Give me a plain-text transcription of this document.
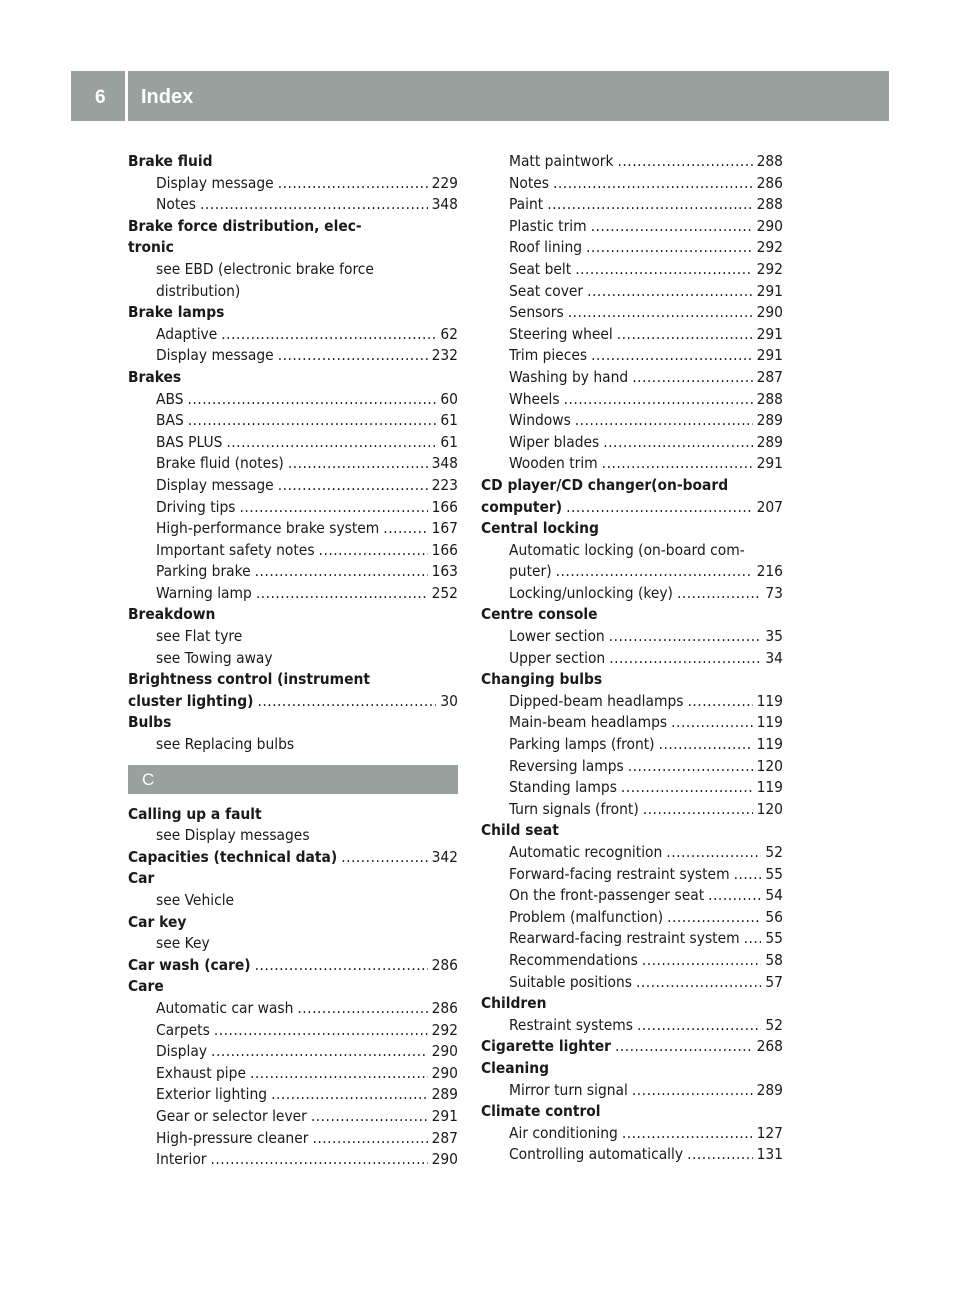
6 Index
Brake fluid
Display message .....	229
Notes .....	348
Brake force distribution, elec-
tronic
see EBD (electronic brake force
distribution)
Brake lamps
Adaptive .....	62
Display message .....	232
Brakes
ABS .....	60
BAS .....	61
BAS PLUS .....	61
Brake fluid (notes) .....	348
Display message .....	223
Driving tips .....	166
High-performance brake system .....	167
Important safety notes .....	166
Parking brake .....	163
Warning lamp .....	252
Breakdown
see Flat tyre
see Towing away
Brightness control (instrument
cluster lighting) .....	30
Bulbs
see Replacing bulbs
C
Calling up a fault
see Display messages
Capacities (technical data) .....	342
Car
see Vehicle
Car key
see Key
Car wash (care) .....	286
Care
Automatic car wash .....	286
Carpets .....	292
Display .....	290
Exhaust pipe .....	290
Exterior lighting .....	289
Gear or selector lever .....	291
High-pressure cleaner .....	287
Interior .....	290
Matt paintwork .....	288
Notes .....	286
Paint .....	288
Plastic trim .....	290
Roof lining .....	292
Seat belt .....	292
Seat cover .....	291
Sensors .....	290
Steering wheel .....	291
Trim pieces .....	291
Washing by hand .....	287
Wheels .....	288
Windows .....	289
Wiper blades .....	289
Wooden trim .....	291
CD player/CD changer(on-board
computer) .....	207
Central locking
Automatic locking (on-board com-
puter) .....	216
Locking/unlocking (key) .....	73
Centre console
Lower section .....	35
Upper section .....	34
Changing bulbs
Dipped-beam headlamps .....	119
Main-beam headlamps .....	119
Parking lamps (front) .....	119
Reversing lamps .....	120
Standing lamps .....	119
Turn signals (front) .....	120
Child seat
Automatic recognition .....	52
Forward-facing restraint system ..... 55
On the front-passenger seat .....	54
Problem (malfunction) .....	56
Rearward-facing restraint system ..... 55
Recommendations .....	58
Suitable positions .....	57
Children
Restraint systems .....	52
Cigarette lighter .....	268
Cleaning
Mirror turn signal .....	289
Climate control
Air conditioning .....	127
Controlling automatically .....	131
